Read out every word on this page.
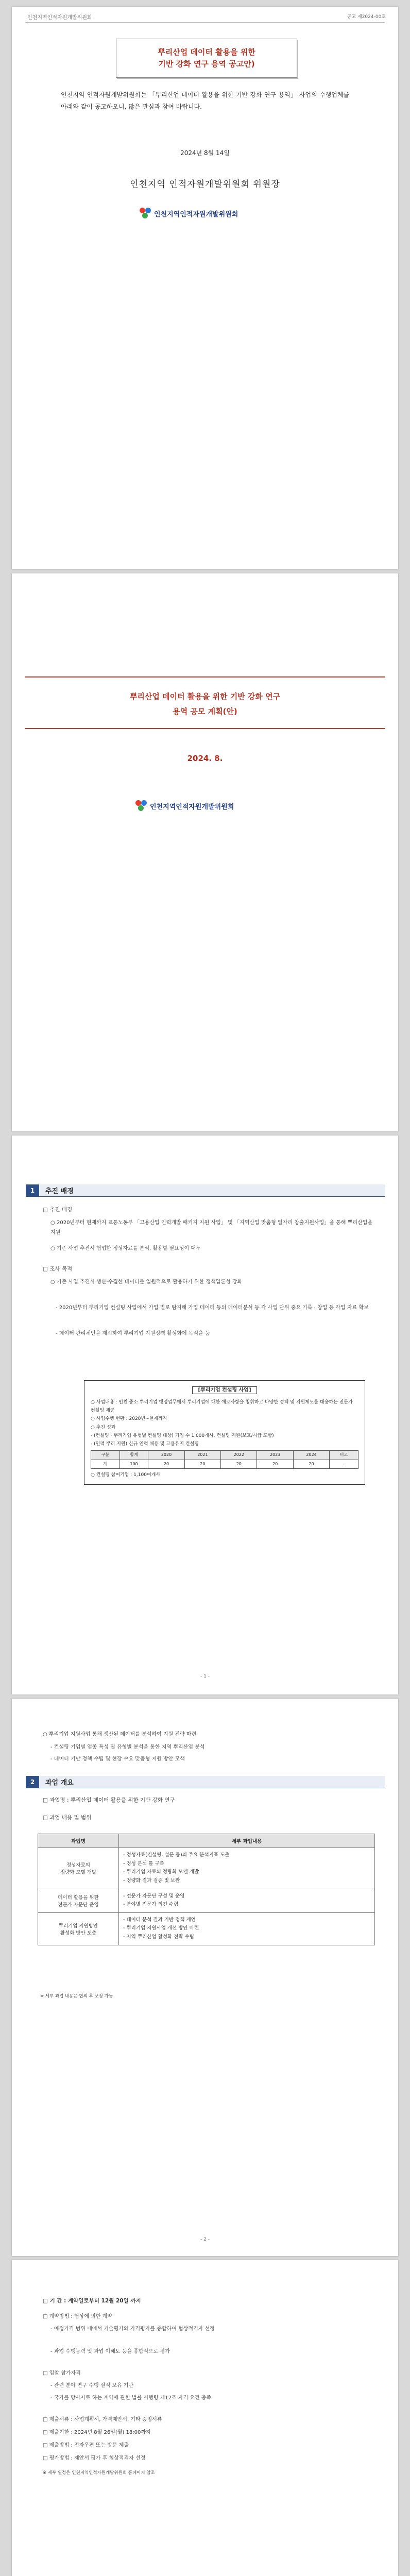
인천지역인적자원개발위원회	공고 제2024-00호
뿌리산업 데이터 활용을 위한
기반 강화 연구 용역 공고안)
인천지역 인적자원개발위원회는 「뿌리산업 데이터 활용을 위한 기반 강화 연구 용역」 사업의 수행업체를 아래와 같이 공고하오니, 많은 관심과 참여 바랍니다.
2024년 8월 14일
인천지역 인적자원개발위원회 위원장
인천지역인적자원개발위원회
뿌리산업 데이터 활용을 위한 기반 강화 연구
용역 공모 계획(안)
2024. 8.
인천지역인적자원개발위원회
1	추진 배경
□ 추진 배경
○ 2020년부터 현재까지 교통노동부 「고용산업 인력개발 패키지 지원 사업」 및 「지역산업 맞춤형 일자리 창출지원사업」을 통해 뿌리산업을 지원
○ 기존 사업 추진시 협업한 정성자료를 분석, 활용할 필요성이 대두
□ 조사 목적
○ 기존 사업 추진시 생산·수집한 데이터를 일원적으로 활용하기 위한 정책입론성 강화
- 2020년부터 뿌리기업 컨설팅 사업에서 가업 별로 탐지해 가업 데이터 등의 데이터분석 등 각 사업 단위 중요 기록 · 창업 등 각업 자료 확보
- 데이터 관리체인을 제시하여 뿌리기업 지원정책 활성화에 목적을 둠
[뿌리기업 컨설팅 사업]
○ 사업내용 : 인천 중소 뿌리기업 행정업무에서 뿌리기업에 대한 애로사항을 청취하고 다양한 정책 및 지원제도를 대응하는 전문가 컨설팅 제공
○ 사업수행 현황 : 2020년~현재까지
○ 추진 성과
- (컨설팅 · 뿌리기업 유형별 컨설팅 대상) 기업 수 1,000개사, 컨설팅 지원(보호/시급 포함)
- (인력 뿌리 지원) 신규 인력 채용 및 고용유지 컨설팅
구분	합계	2020	2021	2022	2023	2024	비고
계	100	20	20	20	20	20	-
○ 컨설팅 참여기업 : 1,100여개사
- 1 -
○ 뿌리기업 지원사업 통해 생산된 데이터를 분석하여 지원 전략 마련
- 컨설팅 기업별 업종 특성 및 유형별 분석을 통한 지역 뿌리산업 분석
- 데이터 기반 정책 수립 및 현장 수요 맞춤형 지원 방안 모색
2	과업 개요
□ 과업명 : 뿌리산업 데이터 활용을 위한 기반 강화 연구
□ 과업 내용 및 범위
과업명	세부 과업내용
정성자료의
정량화 모델 개발	- 정성자료(컨설팅, 설문 등)의 주요 분석지표 도출
- 정성 분석 틀 구축
- 뿌리기업 자료의 정량화 모델 개발
- 정량화 결과 검증 및 보완
데이터 활용을 위한
전문가 자문단 운영	- 전문가 자문단 구성 및 운영
- 분야별 전문가 의견 수렴
뿌리기업 지원방안
활성화 방안 도출	- 데이터 분석 결과 기반 정책 제언
- 뿌리기업 지원사업 개선 방안 마련
- 지역 뿌리산업 활성화 전략 수립
※ 세부 과업 내용은 협의 후 조정 가능
- 2 -
□ 기 간 : 계약일로부터 12월 20일 까지
□ 계약방법 : 협상에 의한 계약
- 예정가격 범위 내에서 기술평가와 가격평가를 종합하여 협상적격자 선정
- 과업 수행능력 및 과업 이해도 등을 종합적으로 평가
□ 입찰 참가자격
- 관련 분야 연구 수행 실적 보유 기관
- 국가를 당사자로 하는 계약에 관한 법률 시행령 제12조 자격 요건 충족
□ 제출서류 : 사업계획서, 가격제안서, 기타 증빙서류
□ 제출기한 : 2024년 8월 26일(월) 18:00까지
□ 제출방법 : 전자우편 또는 방문 제출
□ 평가방법 : 제안서 평가 후 협상적격자 선정
※ 세부 일정은 인천지역인적자원개발위원회 홈페이지 참조
